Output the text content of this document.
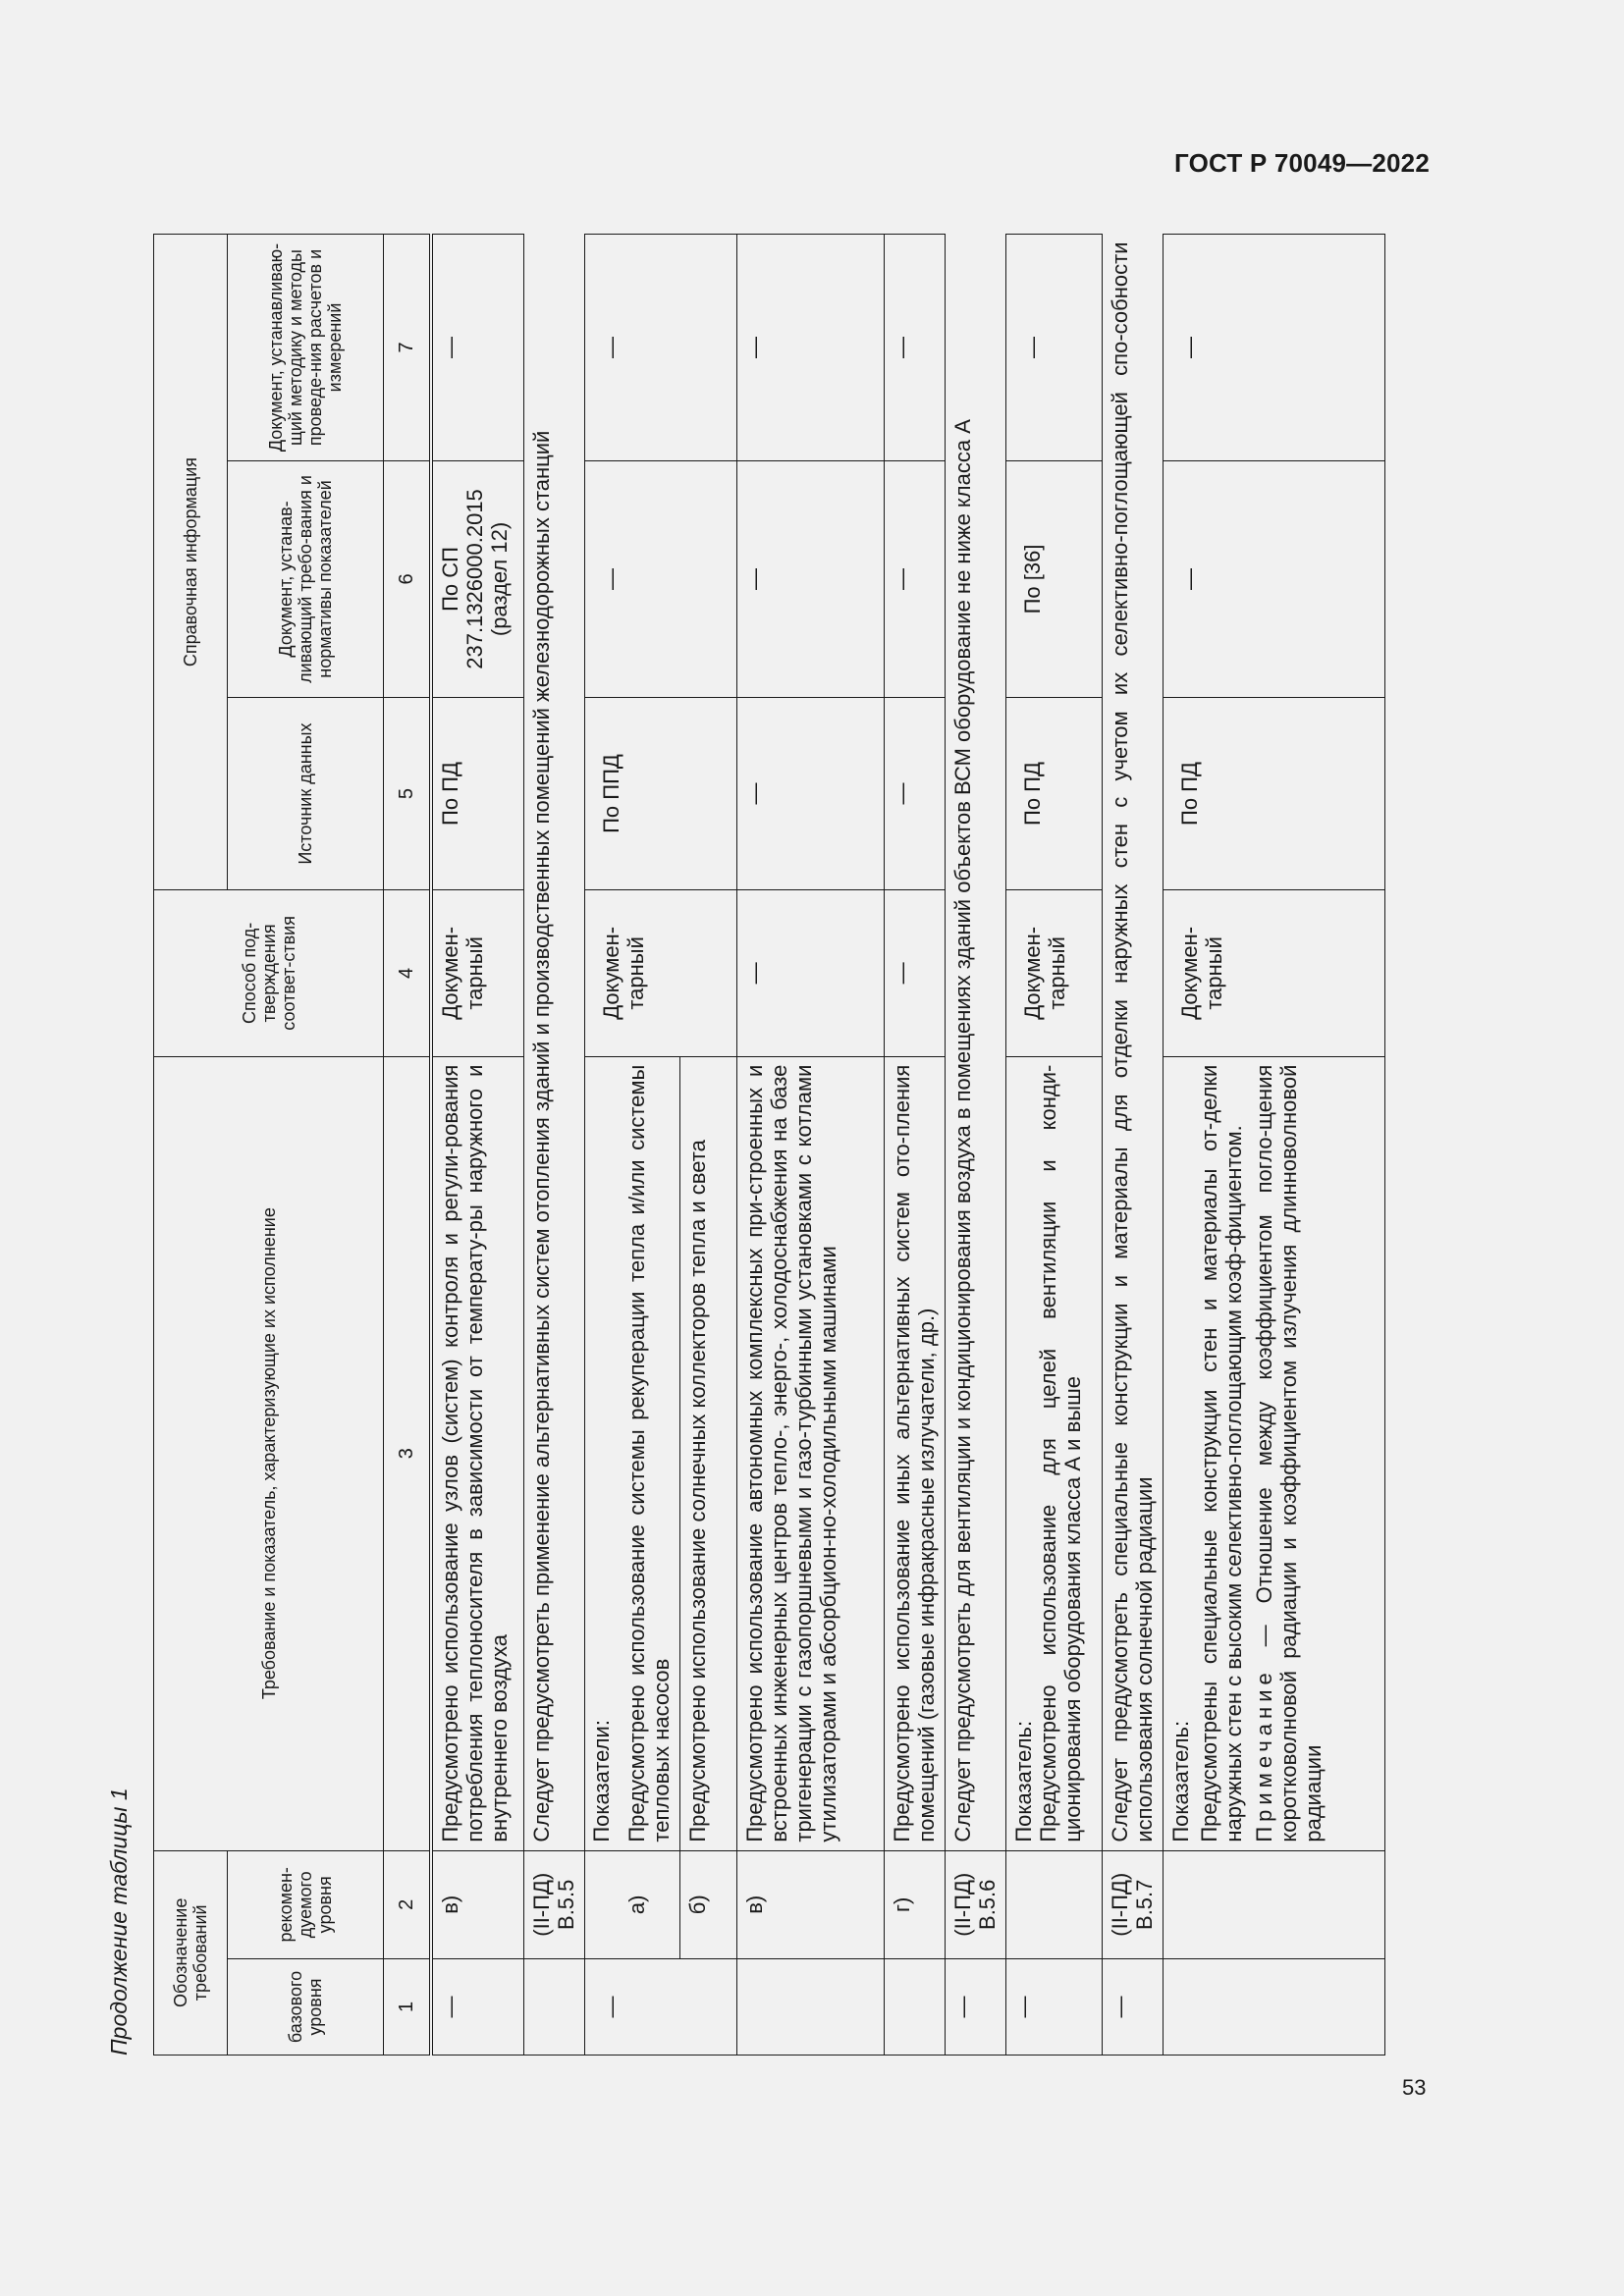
ГОСТ Р 70049—2022
53
Продолжение таблицы 1 Обозначение требований		Требование и показатель, характеризующие их исполнение	Способ под-тверждения соответ-ствия	Справочная информация		
базового уровня	рекомен-дуемого уровня			Источник данных	Документ, устанав-ливающий требо-вания и нормативы показателей	Документ, устанавливаю-щий методику и методы проведе-ния расчетов и измерений
1	2	3	4	5	6	7
—	в)	Предусмотрено использование узлов (систем) контроля и регули-рования потребления теплоносителя в зависимости от температу-ры наружного и внутреннего воздуха	Докумен-тарный	По ПД	По СП 237.1326000.2015 (раздел 12)	—
	(II-ПД) В.5.5	Следует предусмотреть применение альтернативных систем отопления зданий и производственных помещений железнодорожных станций				
—		Показатели:	Докумен-тарный	По ППД	—	—
	а)	Предусмотрено использование системы рекуперации тепла и/или системы тепловых насосов				
	б)	Предусмотрено использование солнечных коллекторов тепла и света				
	в)	Предусмотрено использование автономных комплексных при-строенных и встроенных инженерных центров тепло-, энерго-, холодоснабжения на базе тригенерации с газопоршневыми и газо-турбинными установками с котлами утилизаторами и абсорбцион-но-холодильными машинами	—	—	—	—
	г)	Предусмотрено использование иных альтернативных систем ото-пления помещений (газовые инфракрасные излучатели, др.)	—	—	—	—
—	(II-ПД) В.5.6	Следует предусмотреть для вентиляции и кондиционирования воздуха в помещениях зданий объектов ВСМ оборудование не ниже класса А				
—		Показатель: Предусмотрено использование для целей вентиляции и конди-ционирования оборудования класса А и выше	Докумен-тарный	По ПД	По [36]	—
—	(II-ПД) В.5.7	Следует предусмотреть специальные конструкции и материалы для отделки наружных стен с учетом их селективно-поглощающей спо-собности использования солнечной радиации				

		Показатель: Предусмотрены специальные конструкции стен и материалы от-делки наружных стен с высоким селективно-поглощающим коэф-фициентом. Примечание — Отношение между коэффициентом погло-щения коротковолновой радиации и коэффициентом излучения длинноволновой радиации	Докумен-тарный	По ПД	—	—
